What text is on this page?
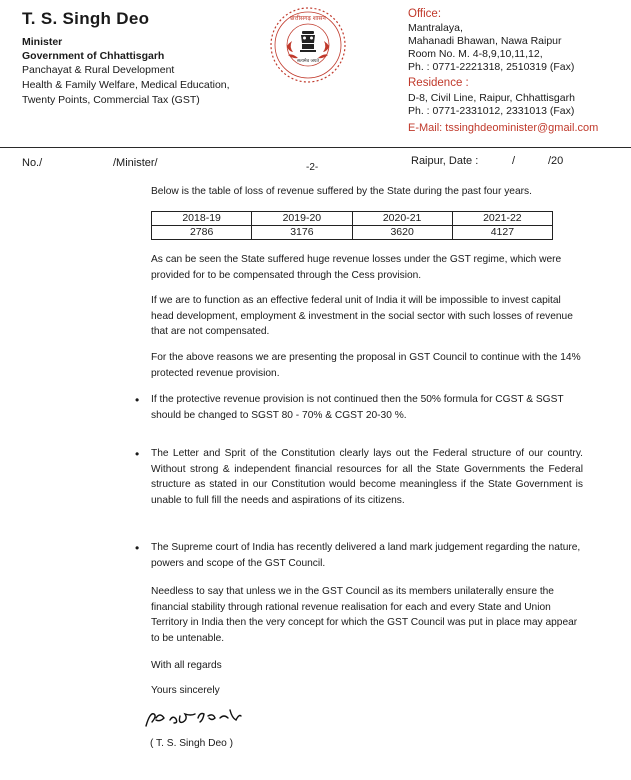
T. S. Singh Deo
Minister
Government of Chhattisgarh
Panchayat & Rural Development
Health & Family Welfare, Medical Education,
Twenty Points, Commercial Tax (GST)
छत्तीसगढ़ शासन
सत्यमेव जयते
Office:
Mantralaya,
Mahanadi Bhawan, Nawa Raipur
Room No. M. 4-8,9,10,11,12,
Ph. : 0771-2221318, 2510319 (Fax)
Residence :
D-8, Civil Line, Raipur, Chhattisgarh
Ph. : 0771-2331012, 2331013 (Fax)
E-Mail: tssinghdeominister@gmail.com
No./	/Minister/	-2-
Raipur, Date :	/	/20
Below is the table of loss of revenue suffered by the State during the past four years.
2018-19	2019-20	2020-21	2021-22
2786	3176	3620	4127
As can be seen the State suffered huge revenue losses under the GST regime, which were provided for to be compensated through the Cess provision.
If we are to function as an effective federal unit of India it will be impossible to invest capital head development, employment & investment in the social sector with such losses of revenue that are not compensated.
For the above reasons we are presenting the proposal in GST Council to continue with the 14% protected revenue provision.
• If the protective revenue provision is not continued then the 50% formula for CGST & SGST should be changed to SGST 80 - 70% & CGST 20-30 %.
• The Letter and Sprit of the Constitution clearly lays out the Federal structure of our country. Without strong & independent financial resources for all the State Governments the Federal structure as stated in our Constitution would become meaningless if the State Government is unable to full fill the needs and aspirations of its citizens.
• The Supreme court of India has recently delivered a land mark judgement regarding the nature, powers and scope of the GST Council.
Needless to say that unless we in the GST Council as its members unilaterally ensure the financial stability through rational revenue realisation for each and every State and Union Territory in India then the very concept for which the GST Council was put in place may appear to be untenable.
With all regards
Yours sincerely
( T. S. Singh Deo )
